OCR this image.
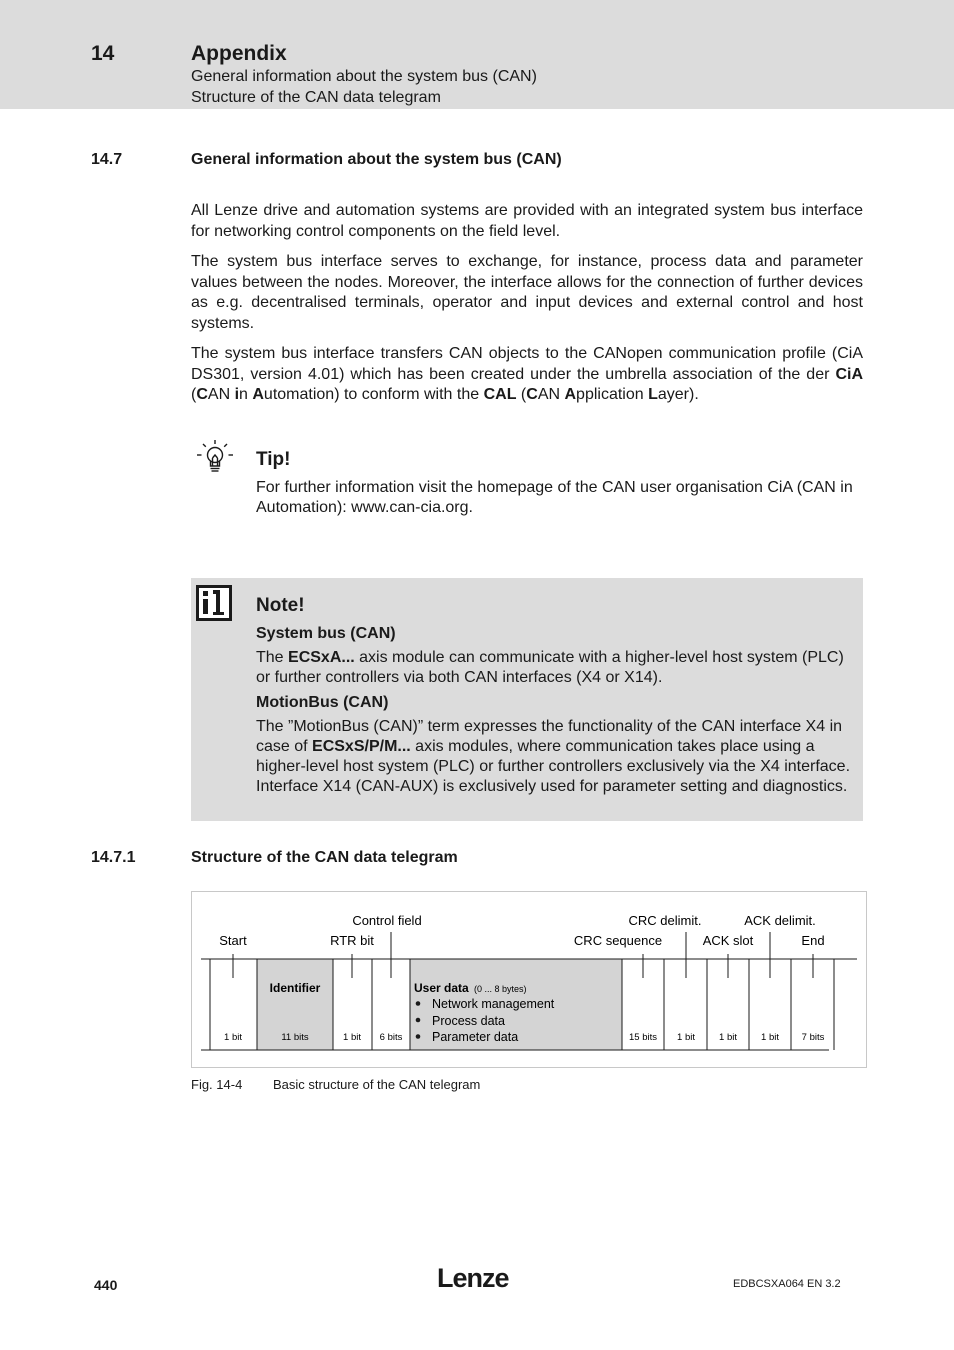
14	Appendix
General information about the system bus (CAN)
Structure of the CAN data telegram
14.7	General information about the system bus (CAN)

All Lenze drive and automation systems are provided with an integrated system bus interface for networking control components on the field level.

The system bus interface serves to exchange, for instance, process data and parameter values between the nodes. Moreover, the interface allows for the connection of further devices as e.g. decentralised terminals, operator and input devices and external control and host systems.

The system bus interface transfers CAN objects to the CANopen communication profile (CiA DS301, version 4.01) which has been created under the umbrella association of the der CiA (CAN in Automation) to conform with the CAL (CAN Application Layer).

Tip!

For further information visit the homepage of the CAN user organisation CiA (CAN in Automation): www.can-cia.org.

Note!
System bus (CAN)

The ECSxA... axis module can communicate with a higher-level host system (PLC) or further controllers via both CAN interfaces (X4 or X14).

MotionBus (CAN)

The ”MotionBus (CAN)” term expresses the functionality of the CAN interface X4 in case of ECSxS/P/M... axis modules, where communication takes place using a higher-level host system (PLC) or further controllers exclusively via the X4 interface. Interface X14 (CAN-AUX) is exclusively used for parameter setting and diagnostics.

14.7.1	Structure of the CAN data telegram
Control field	CRC delimit.	ACK delimit.
Start	RTR bit	CRC sequence	ACK slot	End
Identifier	User data (0 ... 8 bytes)
Network management
Process data
Parameter data
1 bit	11 bits	1 bit 6 bits	15 bits 1 bit	1 bit	1 bit 7 bits
Fig. 14-4 Basic structure of the CAN telegram
440	Lenze	EDBCSXA064 EN 3.2
